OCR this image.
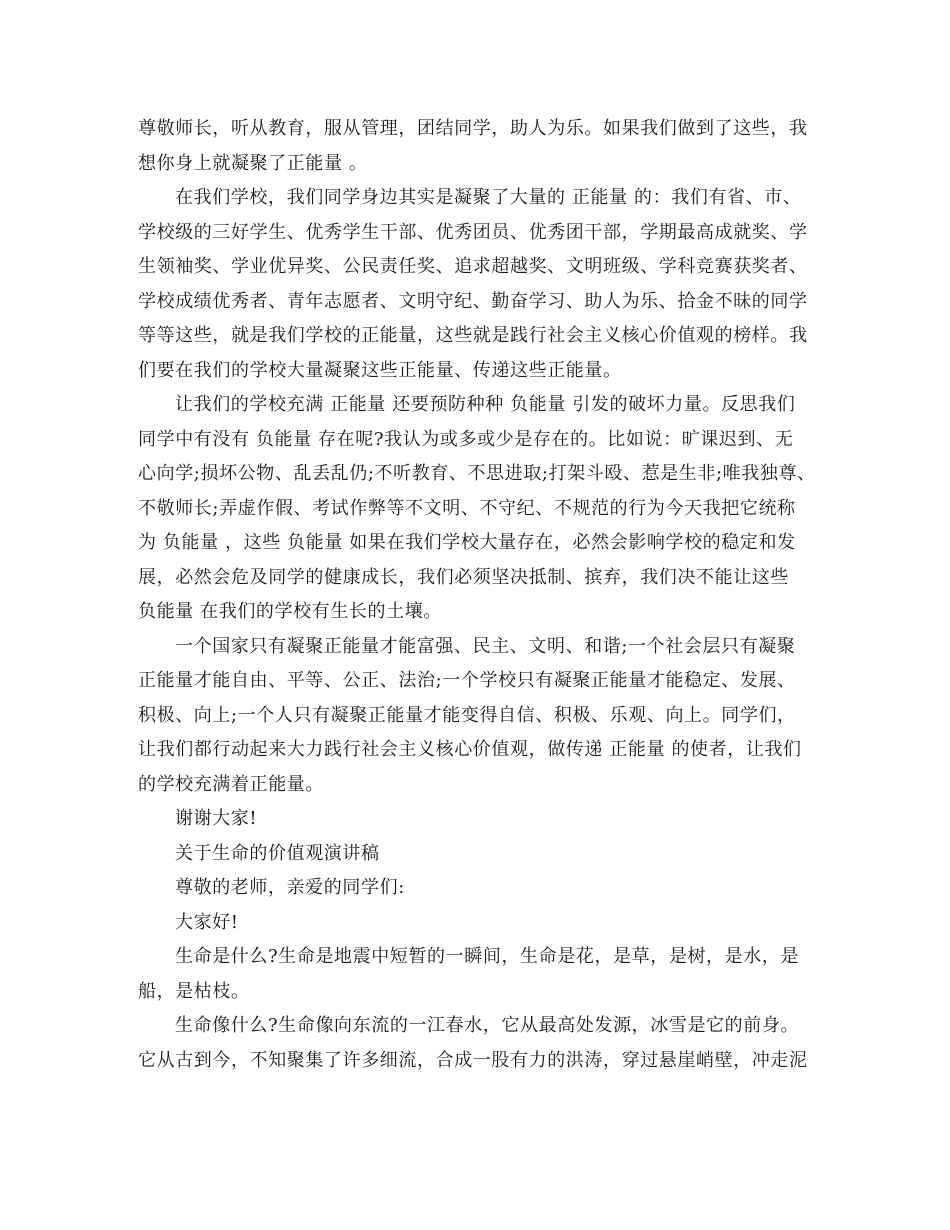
尊敬师长，听从教育，服从管理，团结同学，助人为乐。如果我们做到了这些，我
想你身上就凝聚了正能量 。
在我们学校，我们同学身边其实是凝聚了大量的 正能量 的：我们有省、市、
学校级的三好学生、优秀学生干部、优秀团员、优秀团干部，学期最高成就奖、学
生领袖奖、学业优异奖、公民责任奖、追求超越奖、文明班级、学科竞赛获奖者、
学校成绩优秀者、青年志愿者、文明守纪、勤奋学习、助人为乐、拾金不昧的同学
等等这些，就是我们学校的正能量，这些就是践行社会主义核心价值观的榜样。我
们要在我们的学校大量凝聚这些正能量、传递这些正能量。
让我们的学校充满 正能量 还要预防种种 负能量 引发的破坏力量。反思我们
同学中有没有 负能量 存在呢?我认为或多或少是存在的。比如说：旷课迟到、无
心向学;损坏公物、乱丢乱仍;不听教育、不思进取;打架斗殴、惹是生非;唯我独尊、
不敬师长;弄虚作假、考试作弊等不文明、不守纪、不规范的行为今天我把它统称
为 负能量 ，这些 负能量 如果在我们学校大量存在，必然会影响学校的稳定和发
展，必然会危及同学的健康成长，我们必须坚决抵制、摈弃，我们决不能让这些
负能量 在我们的学校有生长的土壤。
一个国家只有凝聚正能量才能富强、民主、文明、和谐;一个社会层只有凝聚
正能量才能自由、平等、公正、法治;一个学校只有凝聚正能量才能稳定、发展、
积极、向上;一个人只有凝聚正能量才能变得自信、积极、乐观、向上。同学们，
让我们都行动起来大力践行社会主义核心价值观，做传递 正能量 的使者，让我们
的学校充满着正能量。
谢谢大家!
关于生命的价值观演讲稿
尊敬的老师，亲爱的同学们:
大家好!
生命是什么?生命是地震中短暂的一瞬间，生命是花，是草，是树，是水，是
船，是枯枝。
生命像什么?生命像向东流的一江春水，它从最高处发源，冰雪是它的前身。
它从古到今，不知聚集了许多细流，合成一股有力的洪涛，穿过悬崖峭壁，冲走泥
